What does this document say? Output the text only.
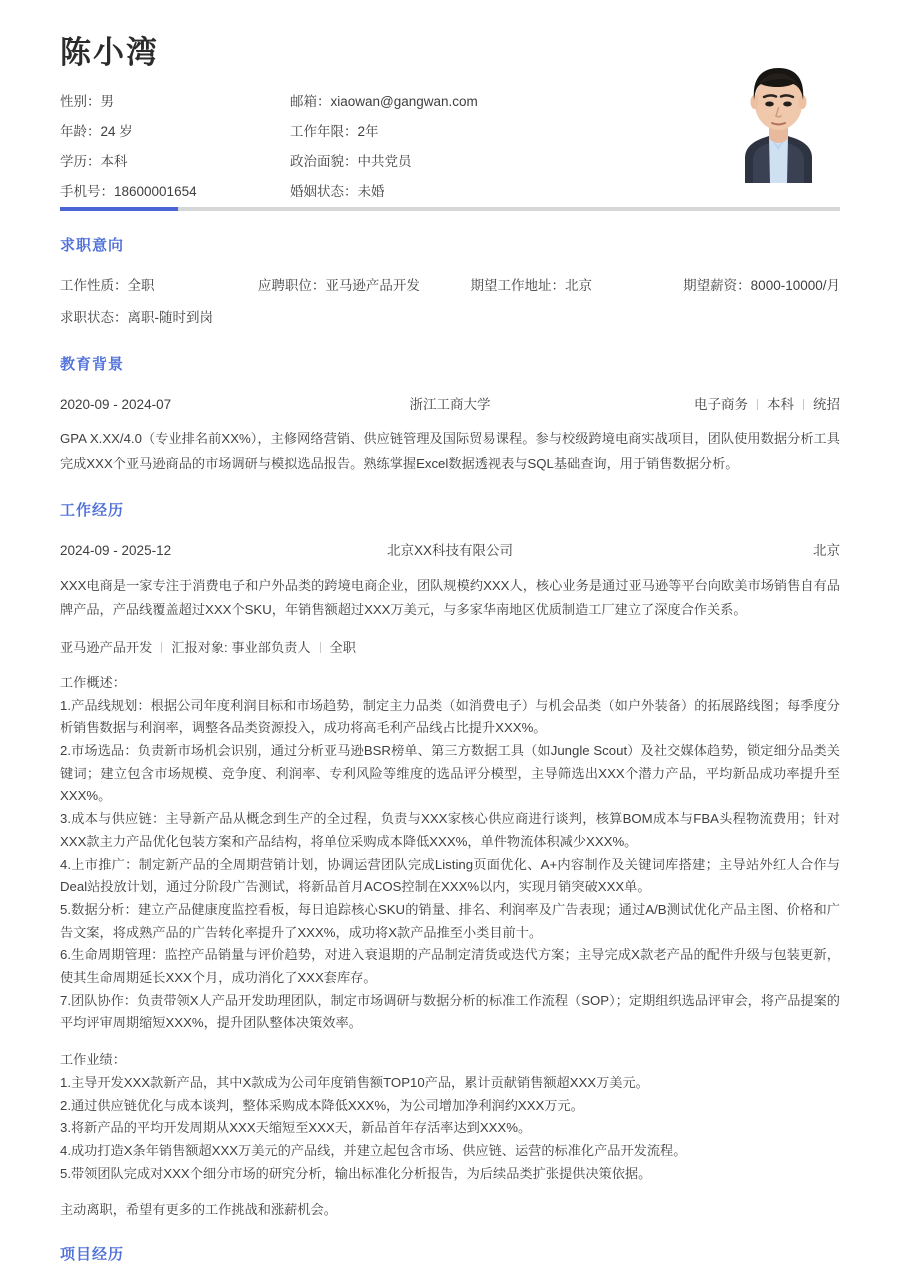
陈小湾
性别：男	邮箱：xiaowan@gangwan.com
年龄：24 岁	工作年限：2年
学历：本科	政治面貌：中共党员
手机号：18600001654	婚姻状态：未婚
求职意向
工作性质：全职	应聘职位：亚马逊产品开发	期望工作地址：北京	期望薪资：8000-10000/月
求职状态：离职-随时到岗
教育背景
2020-09 - 2024-07	浙江工商大学	电子商务	本科	统招

GPA X.XX/4.0（专业排名前XX%），主修网络营销、供应链管理及国际贸易课程。参与校级跨境电商实战项目，团队使用数据分析工具完成XXX个亚马逊商品的市场调研与模拟选品报告。熟练掌握Excel数据透视表与SQL基础查询，用于销售数据分析。

工作经历
2024-09 - 2025-12	北京XX科技有限公司	北京

XXX电商是一家专注于消费电子和户外品类的跨境电商企业，团队规模约XXX人，核心业务是通过亚马逊等平台向欧美市场销售自有品牌产品，产品线覆盖超过XXX个SKU，年销售额超过XXX万美元，与多家华南地区优质制造工厂建立了深度合作关系。

亚马逊产品开发	汇报对象: 事业部负责人	全职

工作概述：

1.产品线规划：根据公司年度利润目标和市场趋势，制定主力品类（如消费电子）与机会品类（如户外装备）的拓展路线图；每季度分析销售数据与利润率，调整各品类资源投入，成功将高毛利产品线占比提升XXX%。

2.市场选品：负责新市场机会识别，通过分析亚马逊BSR榜单、第三方数据工具（如Jungle Scout）及社交媒体趋势，锁定细分品类关键词；建立包含市场规模、竞争度、利润率、专利风险等维度的选品评分模型，主导筛选出XXX个潜力产品，平均新品成功率提升至XXX%。

3.成本与供应链：主导新产品从概念到生产的全过程，负责与XXX家核心供应商进行谈判，核算BOM成本与FBA头程物流费用；针对XXX款主力产品优化包装方案和产品结构，将单位采购成本降低XXX%，单件物流体积减少XXX%。

4.上市推广：制定新产品的全周期营销计划，协调运营团队完成Listing页面优化、A+内容制作及关键词库搭建；主导站外红人合作与Deal站投放计划，通过分阶段广告测试，将新品首月ACOS控制在XXX%以内，实现月销突破XXX单。

5.数据分析：建立产品健康度监控看板，每日追踪核心SKU的销量、排名、利润率及广告表现；通过A/B测试优化产品主图、价格和广告文案，将成熟产品的广告转化率提升了XXX%，成功将X款产品推至小类目前十。

6.生命周期管理：监控产品销量与评价趋势，对进入衰退期的产品制定清货或迭代方案；主导完成X款老产品的配件升级与包装更新，使其生命周期延长XXX个月，成功消化了XXX套库存。

7.团队协作：负责带领X人产品开发助理团队，制定市场调研与数据分析的标准工作流程（SOP）；定期组织选品评审会，将产品提案的平均评审周期缩短XXX%，提升团队整体决策效率。

工作业绩：

1.主导开发XXX款新产品，其中X款成为公司年度销售额TOP10产品，累计贡献销售额超XXX万美元。

2.通过供应链优化与成本谈判，整体采购成本降低XXX%，为公司增加净利润约XXX万元。

3.将新产品的平均开发周期从XXX天缩短至XXX天，新品首年存活率达到XXX%。

4.成功打造X条年销售额超XXX万美元的产品线，并建立起包含市场、供应链、运营的标准化产品开发流程。

5.带领团队完成对XXX个细分市场的研究分析，输出标准化分析报告，为后续品类扩张提供决策依据。

主动离职，希望有更多的工作挑战和涨薪机会。

项目经历
